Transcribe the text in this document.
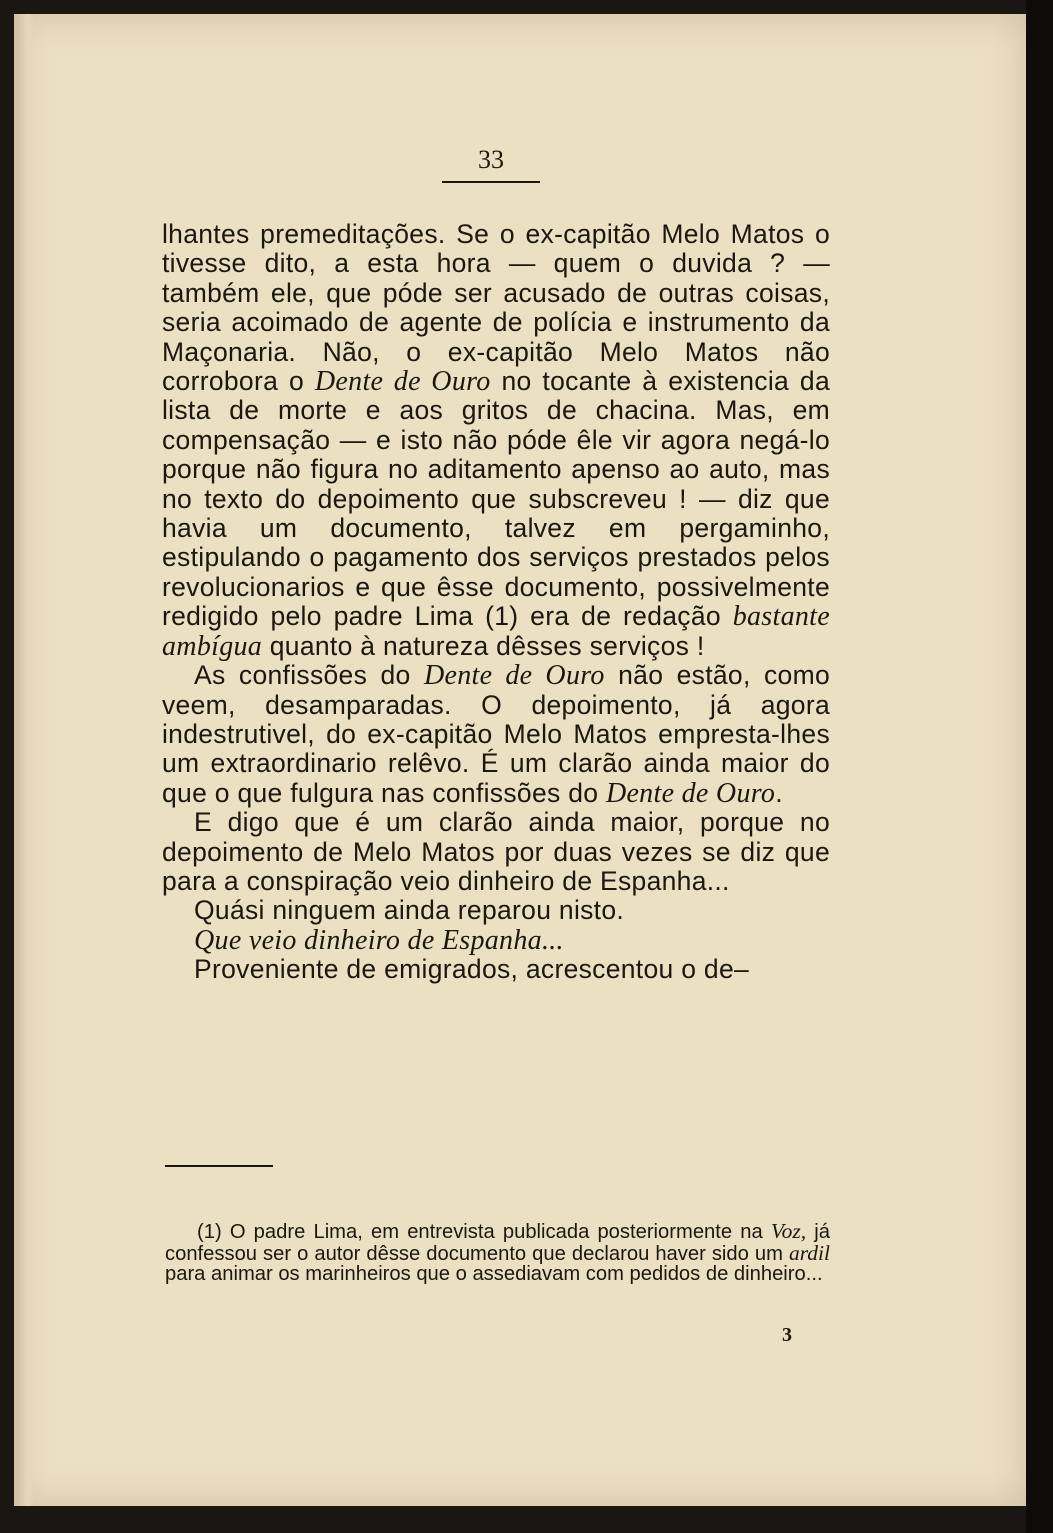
33

lhantes premeditações. Se o ex-capitão Melo Matos o tivesse dito, a esta hora — quem o duvida ? — também ele, que póde ser acusado de outras coisas, seria acoimado de agente de polícia e instrumento da Maçonaria. Não, o ex-capitão Melo Matos não corrobora o Dente de Ouro no tocante à existencia da lista de morte e aos gritos de chacina. Mas, em compensação — e isto não póde êle vir agora negá-lo porque não figura no aditamento apenso ao auto, mas no texto do depoimento que subscreveu ! — diz que havia um documento, talvez em pergaminho, estipulando o pagamento dos serviços prestados pelos revolucionarios e que êsse documento, possivelmente redigido pelo padre Lima (1) era de redação bastante ambígua quanto à natureza dêsses serviços !

As confissões do Dente de Ouro não estão, como veem, desamparadas. O depoimento, já agora indestrutivel, do ex-capitão Melo Matos empresta-lhes um extraordinario relêvo. É um clarão ainda maior do que o que fulgura nas confissões do Dente de Ouro.

E digo que é um clarão ainda maior, porque no depoimento de Melo Matos por duas vezes se diz que para a conspiração veio dinheiro de Espanha...

Quási ninguem ainda reparou nisto.

Que veio dinheiro de Espanha...

Proveniente de emigrados, acrescentou o de–

(1) O padre Lima, em entrevista publicada posteriormente na Voz, já confessou ser o autor dêsse documento que declarou haver sido um ardil para animar os marinheiros que o assediavam com pedidos de dinheiro...

3
